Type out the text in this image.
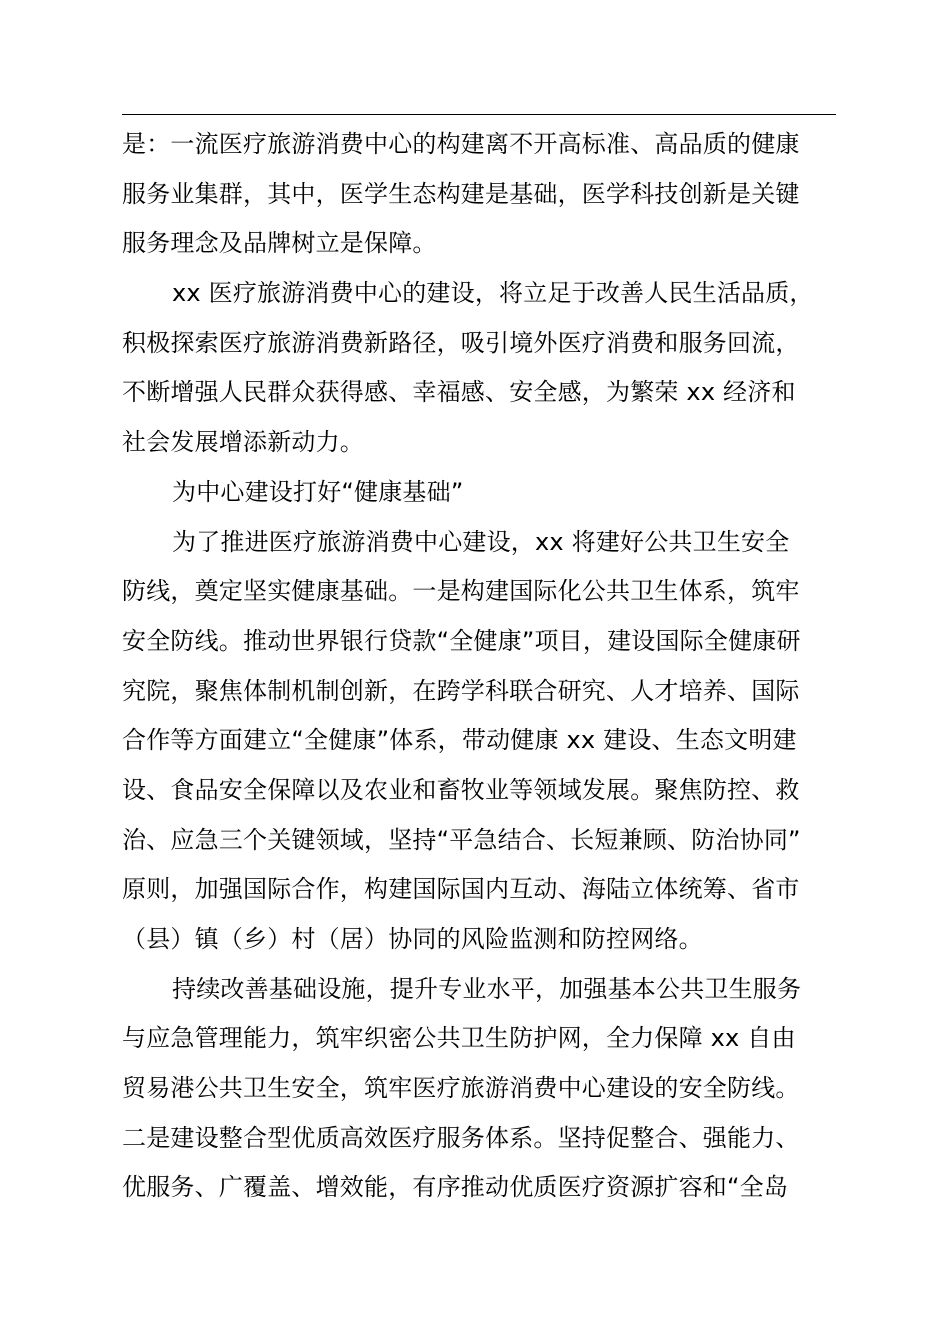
是：一流医疗旅游消费中心的构建离不开高标准、高品质的健康
服务业集群，其中，医学生态构建是基础，医学科技创新是关键
服务理念及品牌树立是保障。
xx 医疗旅游消费中心的建设，将立足于改善人民生活品质，
积极探索医疗旅游消费新路径，吸引境外医疗消费和服务回流，
不断增强人民群众获得感、幸福感、安全感，为繁荣 xx 经济和
社会发展增添新动力。
为中心建设打好“健康基础”
为了推进医疗旅游消费中心建设，xx 将建好公共卫生安全
防线，奠定坚实健康基础。一是构建国际化公共卫生体系，筑牢
安全防线。推动世界银行贷款“全健康”项目，建设国际全健康研
究院，聚焦体制机制创新，在跨学科联合研究、人才培养、国际
合作等方面建立“全健康”体系，带动健康 xx 建设、生态文明建
设、食品安全保障以及农业和畜牧业等领域发展。聚焦防控、救
治、应急三个关键领域，坚持“平急结合、长短兼顾、防治协同”
原则，加强国际合作，构建国际国内互动、海陆立体统筹、省市
（县）镇（乡）村（居）协同的风险监测和防控网络。
持续改善基础设施，提升专业水平，加强基本公共卫生服务
与应急管理能力，筑牢织密公共卫生防护网，全力保障 xx 自由
贸易港公共卫生安全，筑牢医疗旅游消费中心建设的安全防线。
二是建设整合型优质高效医疗服务体系。坚持促整合、强能力、
优服务、广覆盖、增效能，有序推动优质医疗资源扩容和“全岛
